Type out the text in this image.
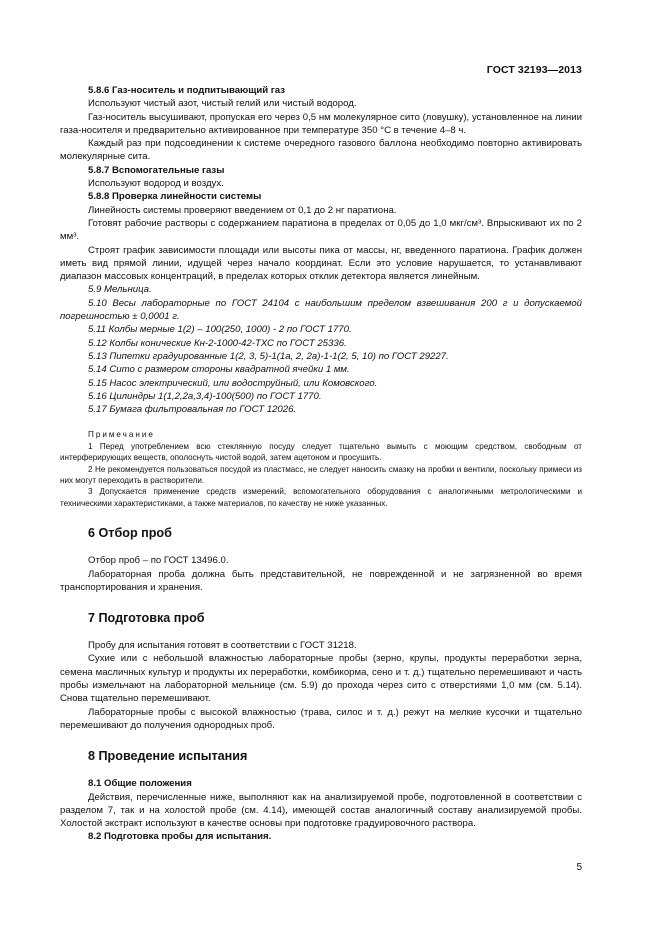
ГОСТ 32193—2013

5.8.6 Газ-носитель и подпитывающий газ

Используют чистый азот, чистый гелий или чистый водород.

Газ-носитель высушивают, пропуская его через 0,5 нм молекулярное сито (ловушку), установленное на линии газа-носителя и предварительно активированное при температуре 350 °С в течение 4–8 ч.

Каждый раз при подсоединении к системе очередного газового баллона необходимо повторно активировать молекулярные сита.

5.8.7 Вспомогательные газы

Используют водород и воздух.

5.8.8 Проверка линейности системы

Линейность системы проверяют введением от 0,1 до 2 нг паратиона.

Готовят рабочие растворы с содержанием паратиона в пределах от 0,05 до 1,0 мкг/см³. Впрыскивают их по 2 мм³.

Строят график зависимости площади или высоты пика от массы, нг, введенного паратиона. График должен иметь вид прямой линии, идущей через начало координат. Если это условие нарушается, то устанавливают диапазон массовых концентраций, в пределах которых отклик детектора является линейным.

5.9 Мельница.

5.10 Весы лабораторные по ГОСТ 24104 с наибольшим пределом взвешивания 200 г и допускаемой погрешностью ± 0,0001 г.

5.11 Колбы мерные 1(2) – 100(250, 1000) - 2 по ГОСТ 1770.

5.12 Колбы конические Кн-2-1000-42-ТХС по ГОСТ 25336.

5.13 Пипетки градуированные 1(2, 3, 5)-1(1а, 2, 2а)-1-1(2, 5, 10) по ГОСТ 29227.

5.14 Сито с размером стороны квадратной ячейки 1 мм.

5.15 Насос электрический, или водоструйный, или Комовского.

5.16 Цилиндры 1(1,2,2а,3,4)-100(500) по ГОСТ 1770.

5.17 Бумага фильтровальная по ГОСТ 12026.

Примечание

1 Перед употреблением всю стеклянную посуду следует тщательно вымыть с моющим средством, свободным от интерферирующих веществ, ополоснуть чистой водой, затем ацетоном и просушить.

2 Не рекомендуется пользоваться посудой из пластмасс, не следует наносить смазку на пробки и вентили, поскольку примеси из них могут переходить в растворители.

3 Допускается применение средств измерений, вспомогательного оборудования с аналогичными метрологическими и техническими характеристиками, а также материалов, по качеству не ниже указанных.

6 Отбор проб

Отбор проб – по ГОСТ 13496.0.

Лабораторная проба должна быть представительной, не поврежденной и не загрязненной во время транспортирования и хранения.

7 Подготовка проб

Пробу для испытания готовят в соответствии с ГОСТ 31218.

Сухие или с небольшой влажностью лабораторные пробы (зерно, крупы, продукты переработки зерна, семена масличных культур и продукты их переработки, комбикорма, сено и т. д.) тщательно перемешивают и часть пробы измельчают на лабораторной мельнице (см. 5.9) до прохода через сито с отверстиями 1,0 мм (см. 5.14). Снова тщательно перемешивают.

Лабораторные пробы с высокой влажностью (трава, силос и т. д.) режут на мелкие кусочки и тщательно перемешивают до получения однородных проб.

8 Проведение испытания

8.1 Общие положения

Действия, перечисленные ниже, выполняют как на анализируемой пробе, подготовленной в соответствии с разделом 7, так и на холостой пробе (см. 4.14), имеющей состав аналогичный составу анализируемой пробы. Холостой экстракт используют в качестве основы при подготовке градуировочного раствора.

8.2 Подготовка пробы для испытания.

5
